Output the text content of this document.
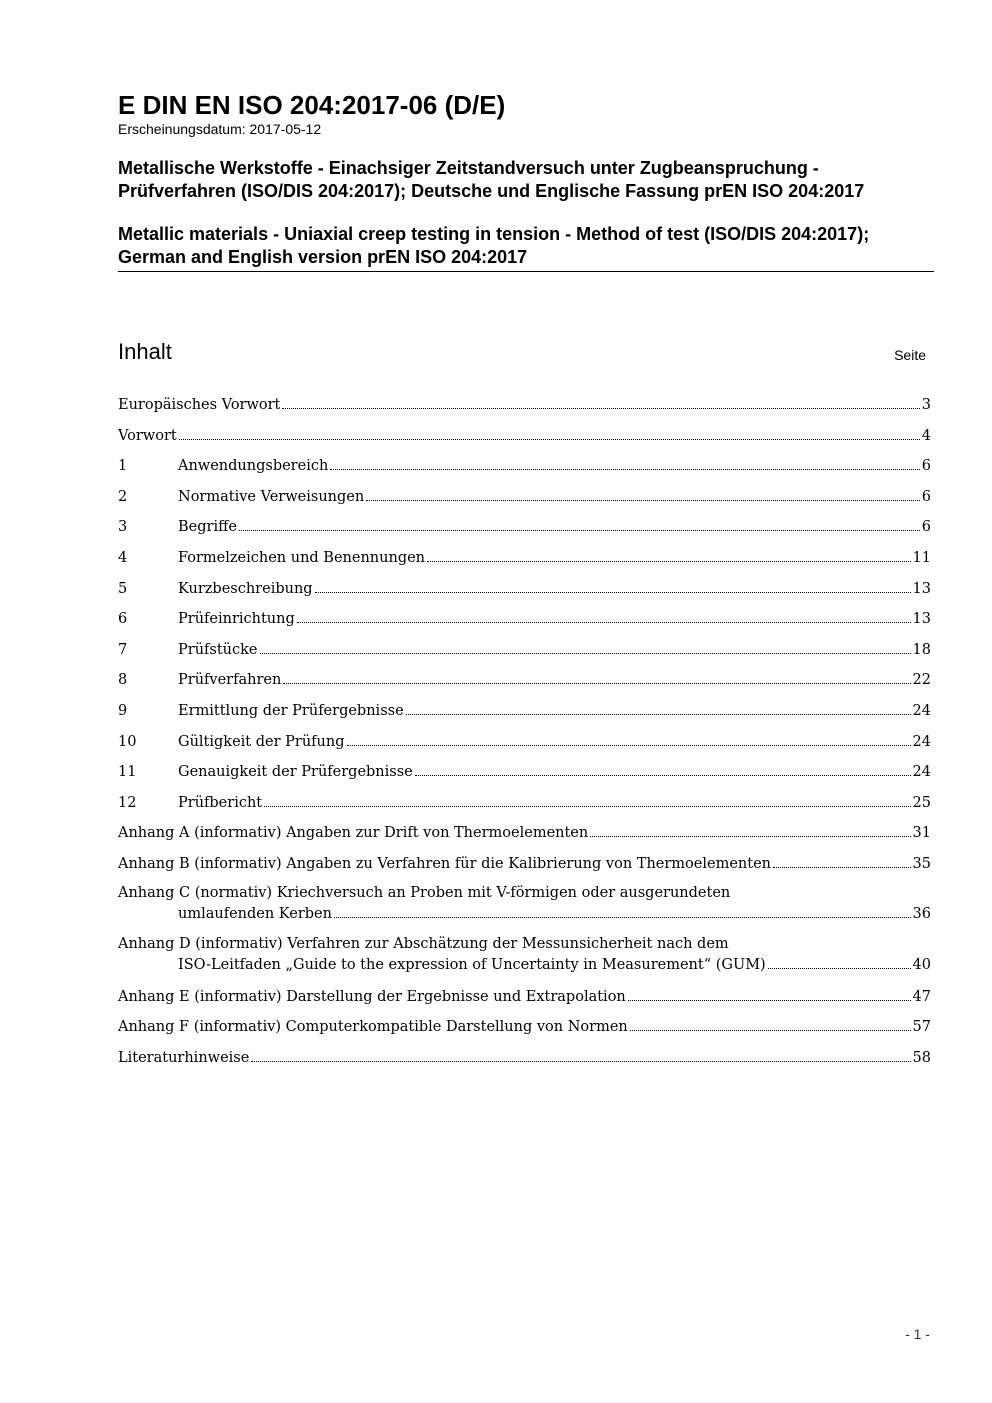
E DIN EN ISO 204:2017-06 (D/E)

Erscheinungsdatum: 2017-05-12

Metallische Werkstoffe - Einachsiger Zeitstandversuch unter Zugbeanspruchung - Prüfverfahren (ISO/DIS 204:2017); Deutsche und Englische Fassung prEN ISO 204:2017

Metallic materials - Uniaxial creep testing in tension - Method of test (ISO/DIS 204:2017); German and English version prEN ISO 204:2017

Inhalt	Seite
Europäisches Vorwort	3
Vorwort	4
1	Anwendungsbereich	6
2	Normative Verweisungen	6
3	Begriffe	6
4	Formelzeichen und Benennungen	11
5	Kurzbeschreibung	13
6	Prüfeinrichtung	13
7	Prüfstücke	18
8	Prüfverfahren	22
9	Ermittlung der Prüfergebnisse	24
10	Gültigkeit der Prüfung	24
11	Genauigkeit der Prüfergebnisse	24
12	Prüfbericht	25
Anhang A (informativ) Angaben zur Drift von Thermoelementen	31
Anhang B (informativ) Angaben zu Verfahren für die Kalibrierung von Thermoelementen	35
Anhang C (normativ) Kriechversuch an Proben mit V-förmigen oder ausgerundeten
umlaufenden Kerben	36
Anhang D (informativ) Verfahren zur Abschätzung der Messunsicherheit nach dem
ISO-Leitfaden „Guide to the expression of Uncertainty in Measurement“ (GUM)	40
Anhang E (informativ) Darstellung der Ergebnisse und Extrapolation	47
Anhang F (informativ) Computerkompatible Darstellung von Normen	57
Literaturhinweise	58
- 1 -
